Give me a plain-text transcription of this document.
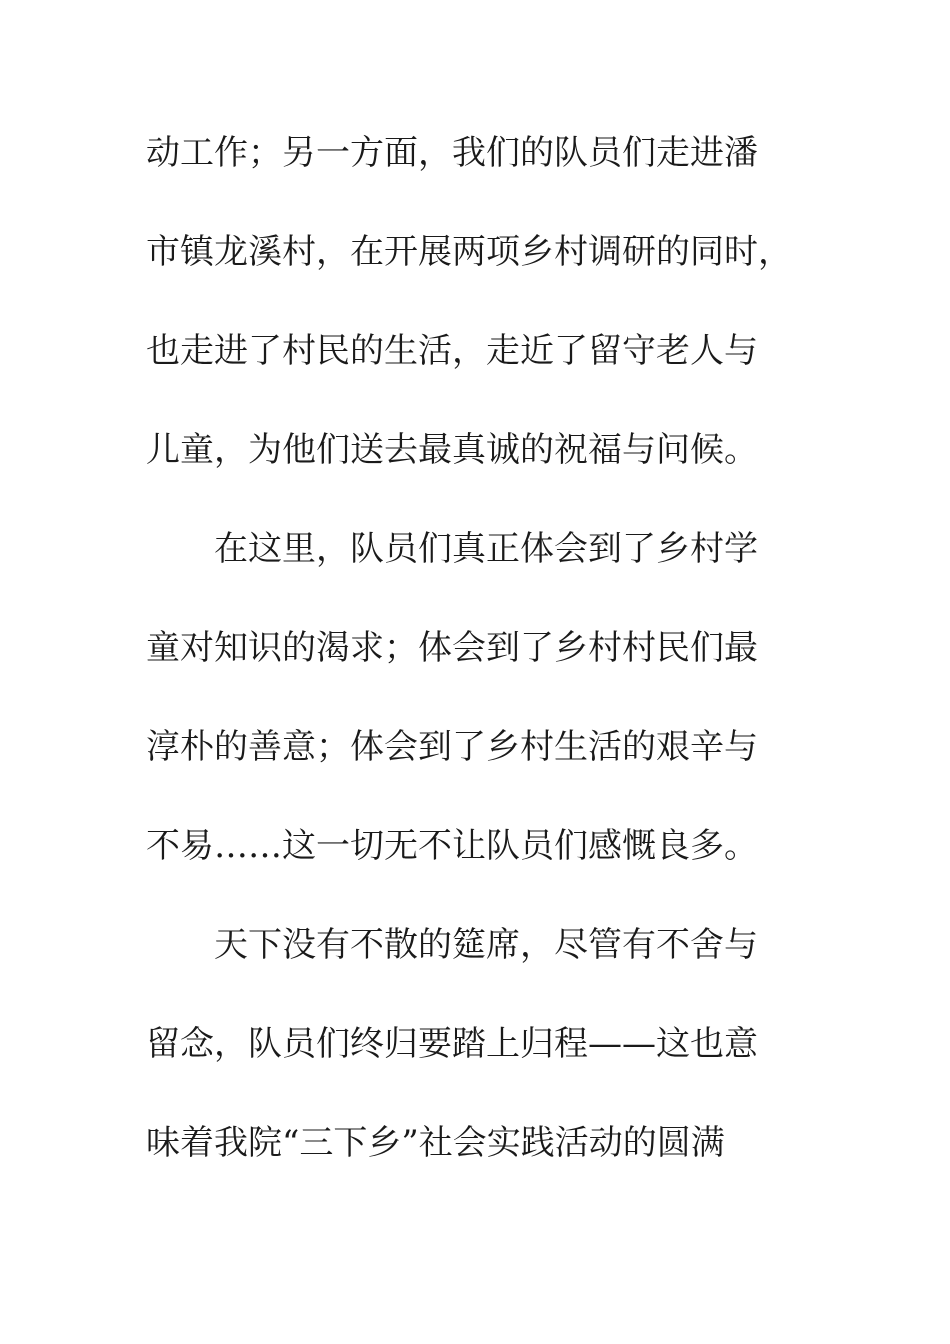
动工作；另一方面，我们的队员们走进潘
市镇龙溪村，在开展两项乡村调研的同时，
也走进了村民的生活，走近了留守老人与
儿童，为他们送去最真诚的祝福与问候。
在这里，队员们真正体会到了乡村学
童对知识的渴求；体会到了乡村村民们最
淳朴的善意；体会到了乡村生活的艰辛与
不易……这一切无不让队员们感慨良多。
天下没有不散的筵席，尽管有不舍与
留念，队员们终归要踏上归程——这也意
味着我院“三下乡”社会实践活动的圆满
